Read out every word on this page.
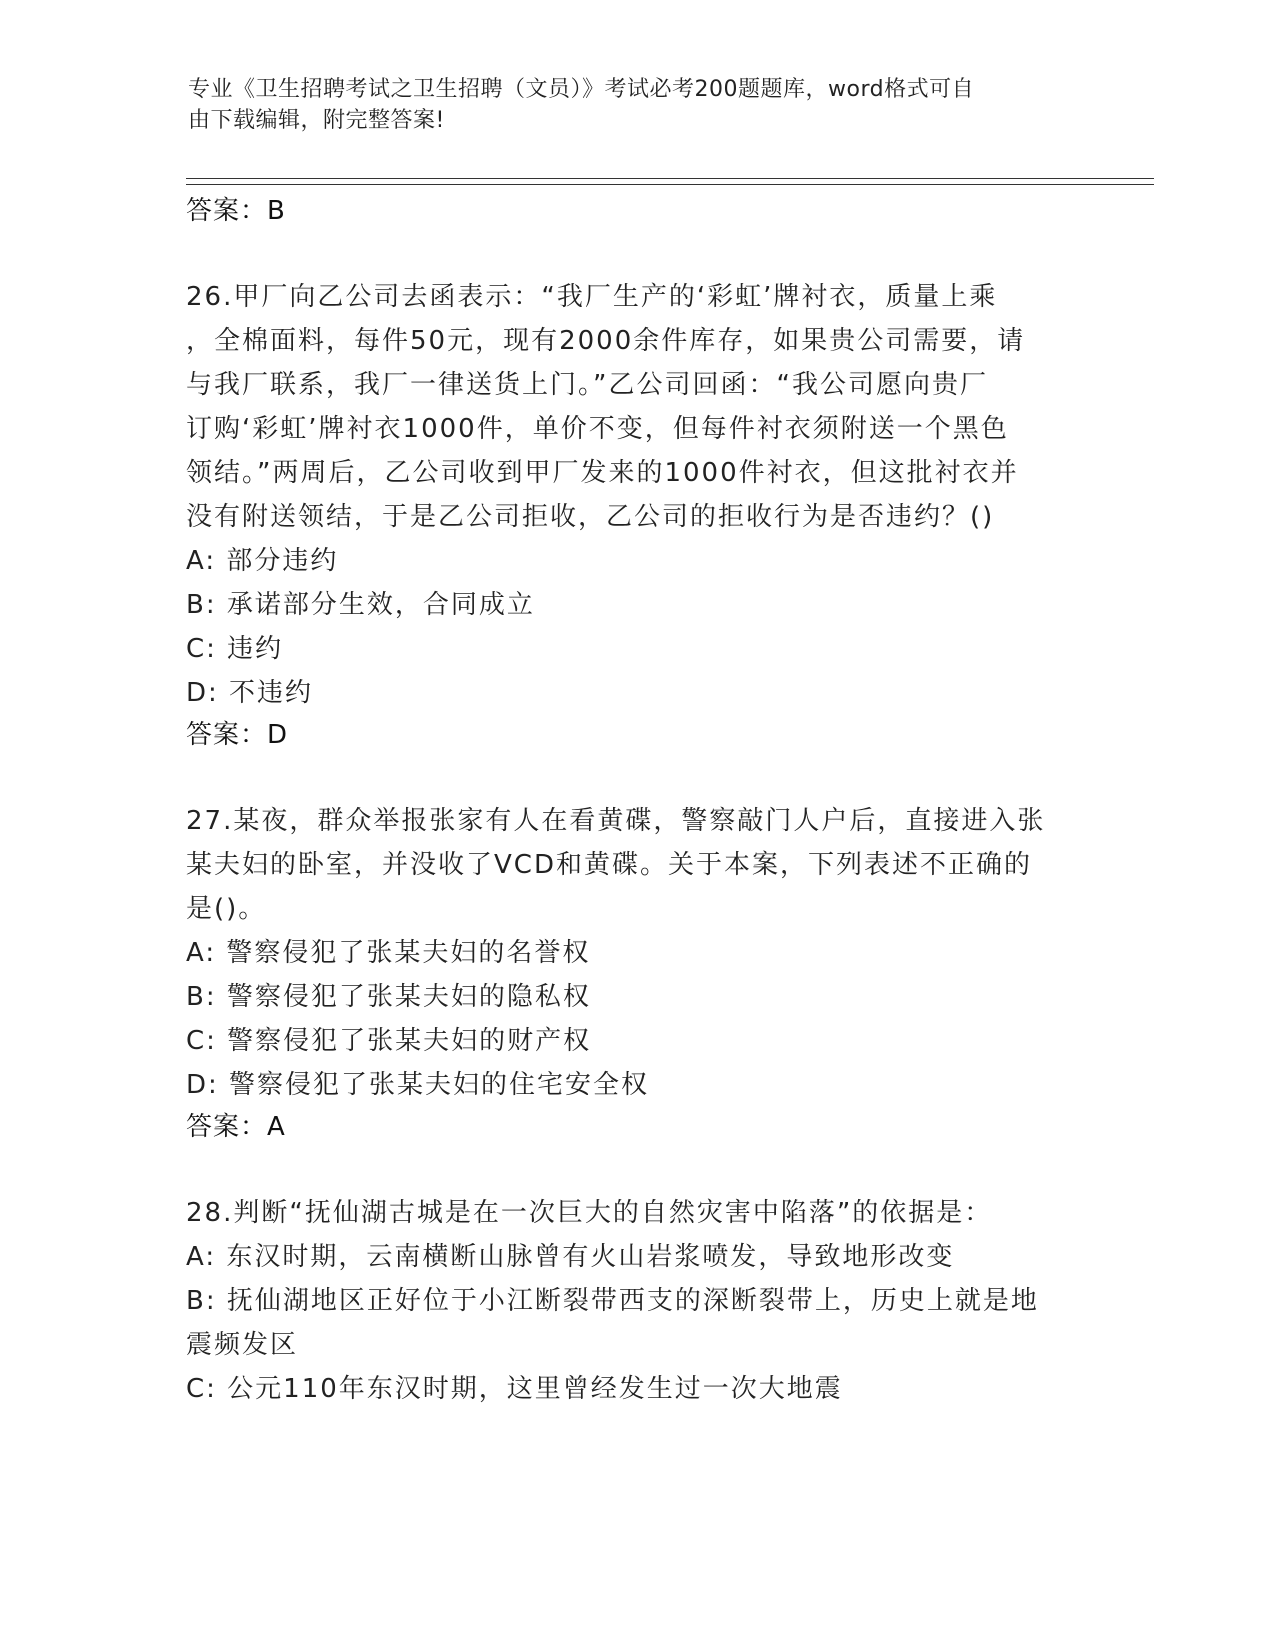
专业《卫生招聘考试之卫生招聘（文员）》考试必考200题题库，word格式可自
由下载编辑，附完整答案!
答案：B
26.甲厂向乙公司去函表示：“我厂生产的‘彩虹’牌衬衣，质量上乘
，全棉面料，每件50元，现有2000余件库存，如果贵公司需要，请
与我厂联系，我厂一律送货上门。”乙公司回函：“我公司愿向贵厂
订购‘彩虹’牌衬衣1000件，单价不变，但每件衬衣须附送一个黑色
领结。”两周后，乙公司收到甲厂发来的1000件衬衣，但这批衬衣并
没有附送领结，于是乙公司拒收，乙公司的拒收行为是否违约？()
A: 部分违约
B: 承诺部分生效，合同成立
C: 违约
D: 不违约
答案：D
27.某夜，群众举报张家有人在看黄碟，警察敲门人户后，直接进入张
某夫妇的卧室，并没收了VCD和黄碟。关于本案，下列表述不正确的
是()。
A: 警察侵犯了张某夫妇的名誉权
B: 警察侵犯了张某夫妇的隐私权
C: 警察侵犯了张某夫妇的财产权
D: 警察侵犯了张某夫妇的住宅安全权
答案：A
28.判断“抚仙湖古城是在一次巨大的自然灾害中陷落”的依据是：
A: 东汉时期，云南横断山脉曾有火山岩浆喷发，导致地形改变
B: 抚仙湖地区正好位于小江断裂带西支的深断裂带上，历史上就是地
震频发区
C: 公元110年东汉时期，这里曾经发生过一次大地震
